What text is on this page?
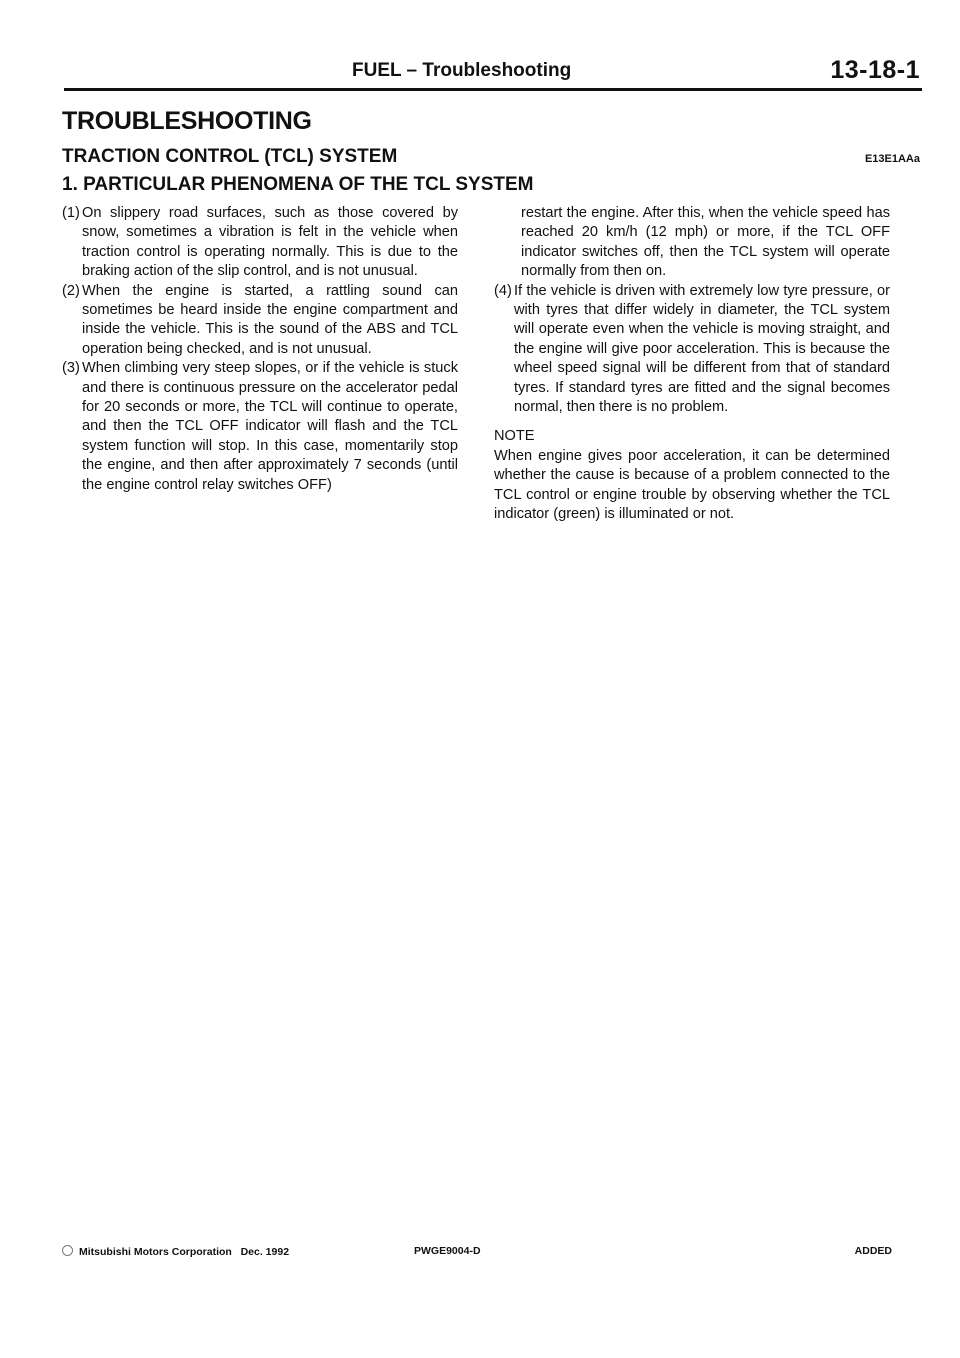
FUEL – Troubleshooting	13-18-1
TROUBLESHOOTING
TRACTION CONTROL (TCL) SYSTEM	E13E1AAa
1. PARTICULAR PHENOMENA OF THE TCL SYSTEM
(1) On slippery road surfaces, such as those covered by snow, sometimes a vibration is felt in the vehicle when traction control is operating normally. This is due to the braking action of the slip control, and is not unusual.
(2) When the engine is started, a rattling sound can sometimes be heard inside the engine compartment and inside the vehicle. This is the sound of the ABS and TCL operation being checked, and is not unusual.
(3) When climbing very steep slopes, or if the vehicle is stuck and there is continuous pressure on the accelerator pedal for 20 seconds or more, the TCL will continue to operate, and then the TCL OFF indicator will flash and the TCL system function will stop. In this case, momentarily stop the engine, and then after approximately 7 seconds (until the engine control relay switches OFF)
restart the engine. After this, when the vehicle speed has reached 20 km/h (12 mph) or more, if the TCL OFF indicator switches off, then the TCL system will operate normally from then on.
(4) If the vehicle is driven with extremely low tyre pressure, or with tyres that differ widely in diameter, the TCL system will operate even when the vehicle is moving straight, and the engine will give poor acceleration. This is because the wheel speed signal will be different from that of standard tyres. If standard tyres are fitted and the signal becomes normal, then there is no problem.
NOTE
When engine gives poor acceleration, it can be determined whether the cause is because of a problem connected to the TCL control or engine trouble by observing whether the TCL indicator (green) is illuminated or not.
Mitsubishi Motors Corporation   Dec. 1992	PWGE9004-D	ADDED
